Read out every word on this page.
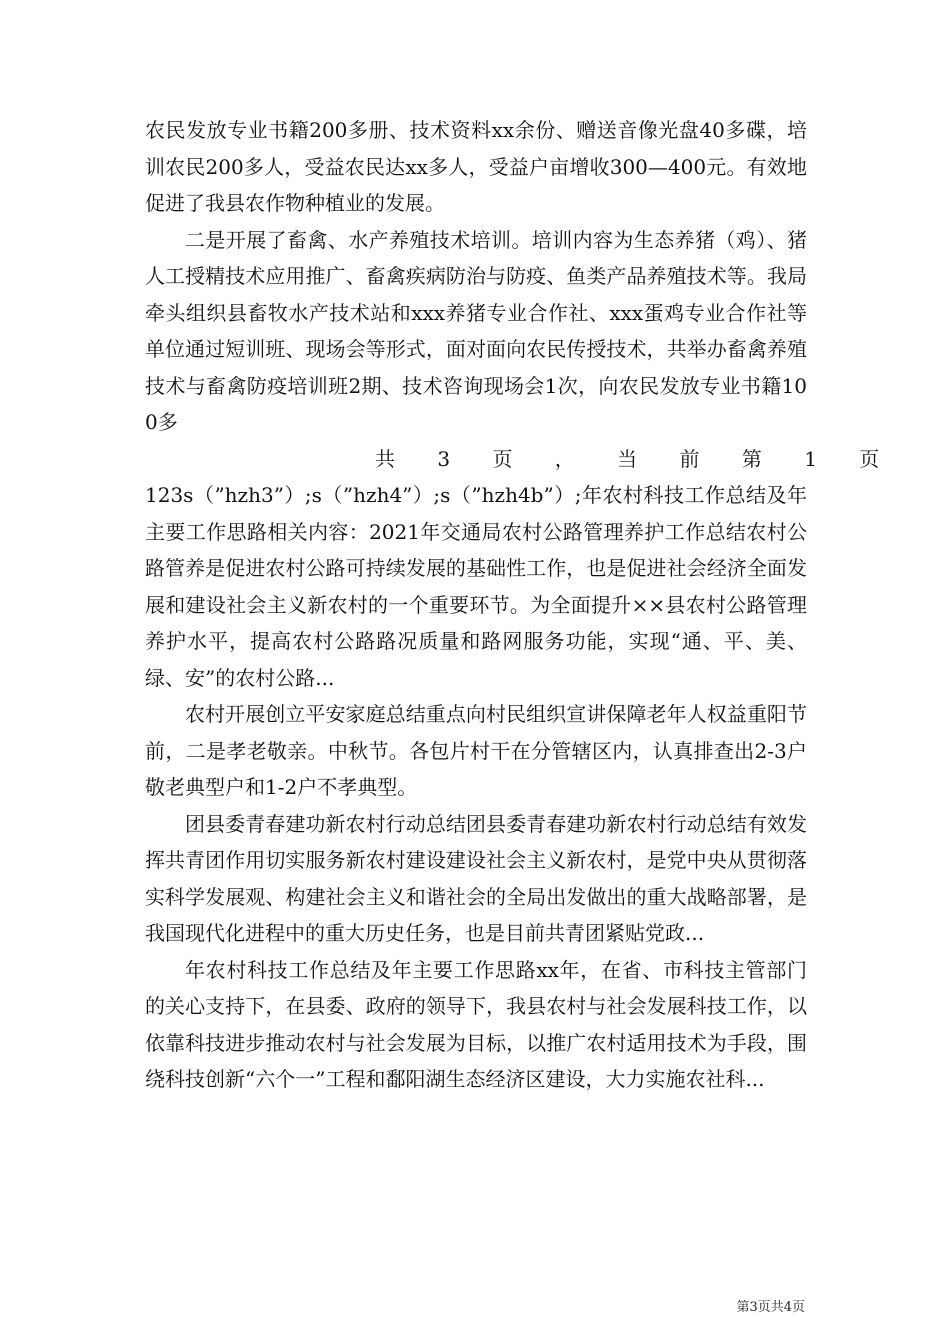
农民发放专业书籍200多册、技术资料xx余份、赠送音像光盘40多碟，培训农民200多人，受益农民达xx多人，受益户亩增收300—400元。有效地促进了我县农作物种植业的发展。

二是开展了畜禽、水产养殖技术培训。培训内容为生态养猪（鸡）、猪人工授精技术应用推广、畜禽疾病防治与防疫、鱼类产品养殖技术等。我局牵头组织县畜牧水产技术站和xxx养猪专业合作社、xxx蛋鸡专业合作社等单位通过短训班、现场会等形式，面对面向农民传授技术，共举办畜禽养殖技术与畜禽防疫培训班2期、技术咨询现场会1次，向农民发放专业书籍100多

共 3 页 ， 当 前 第 1 页

123s（”hzh3”）;s（”hzh4”）;s（”hzh4b”）;年农村科技工作总结及年主要工作思路相关内容：2021年交通局农村公路管理养护工作总结农村公路管养是促进农村公路可持续发展的基础性工作，也是促进社会经济全面发展和建设社会主义新农村的一个重要环节。为全面提升××县农村公路管理养护水平，提高农村公路路况质量和路网服务功能，实现“通、平、美、绿、安”的农村公路...

农村开展创立平安家庭总结重点向村民组织宣讲保障老年人权益重阳节前，二是孝老敬亲。中秋节。各包片村干在分管辖区内，认真排查出2-3户敬老典型户和1-2户不孝典型。

团县委青春建功新农村行动总结团县委青春建功新农村行动总结有效发挥共青团作用切实服务新农村建设建设社会主义新农村，是党中央从贯彻落实科学发展观、构建社会主义和谐社会的全局出发做出的重大战略部署，是我国现代化进程中的重大历史任务，也是目前共青团紧贴党政...

年农村科技工作总结及年主要工作思路xx年，在省、市科技主管部门的关心支持下，在县委、政府的领导下，我县农村与社会发展科技工作，以依靠科技进步推动农村与社会发展为目标，以推广农村适用技术为手段，围绕科技创新“六个一”工程和鄱阳湖生态经济区建设，大力实施农社科...

第3页共4页
